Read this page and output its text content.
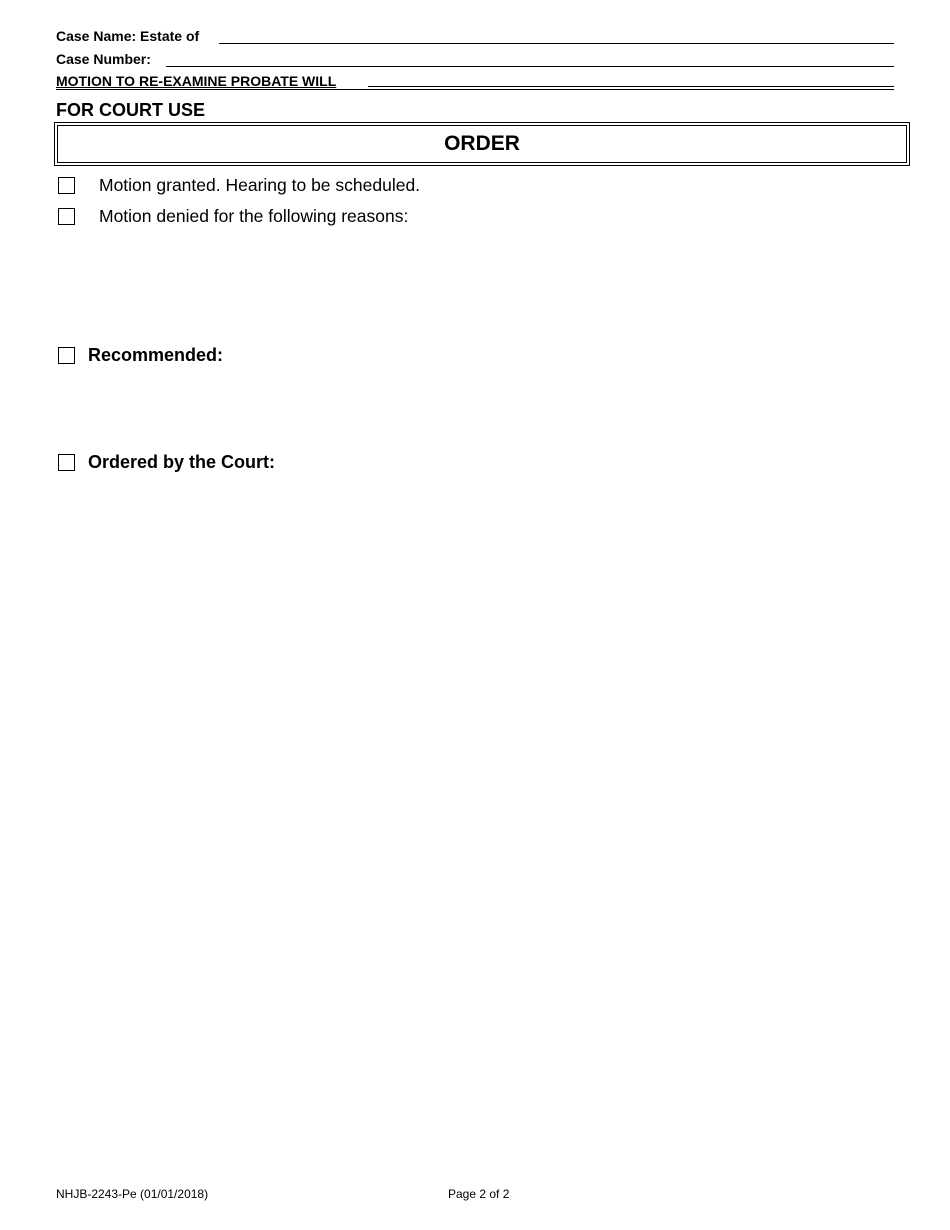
Case Name: Estate of
Case Number:
MOTION TO RE-EXAMINE PROBATE WILL
FOR COURT USE
ORDER
Motion granted. Hearing to be scheduled.
Motion denied for the following reasons:
Recommended:
Ordered by the Court:
NHJB-2243-Pe (01/01/2018)	Page 2 of 2
